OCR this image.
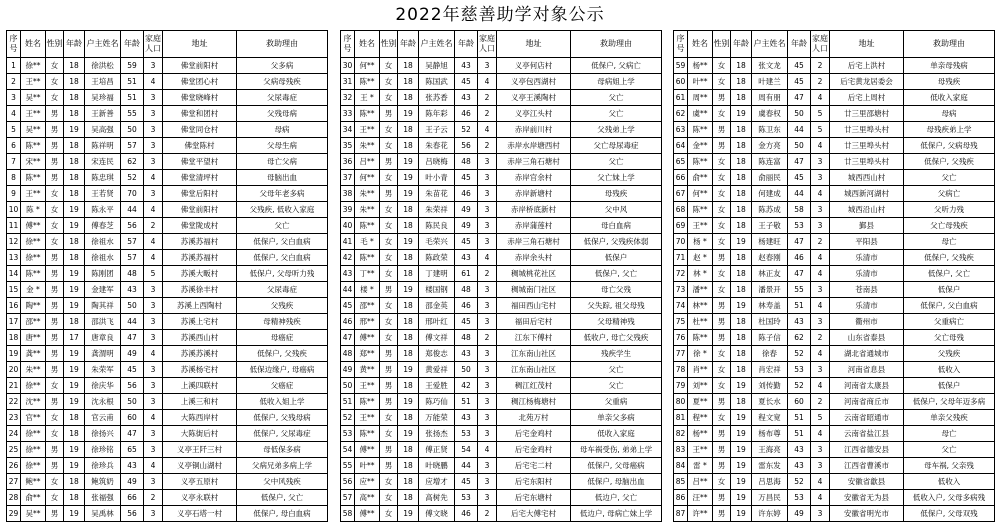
2022年慈善助学对象公示
序号	姓名	性别	年龄	户主姓名	年龄	家庭人口	地址	救助理由
1	徐**	女	18	徐洪松	59	3	佛堂前阳村	父多病
2	王**	女	18	王培昌	51	4	佛堂团心村	父病母残疾
3	吴**	女	18	吴珍福	51	3	佛堂晓峰村	父尿毒症
4	王**	男	18	王新善	55	3	佛堂和团村	父残母病
5	吴**	男	19	吴高强	50	3	佛堂同仓村	母病
6	陈**	男	18	陈祥明	57	3	佛堂陈村	父母生病
7	宋**	男	18	宋连民	62	3	佛堂平望村	母亡父病
8	陈**	男	18	陈忠琪	52	4	佛堂清坪村	母脑出血
9	王**	女	18	王若贤	70	3	佛堂后阳村	父母年老多病
10	陈 *	女	19	陈永平	44	4	佛堂前阳村	父残疾, 低收入家庭
11	傅**	女	19	傅春芝	56	2	佛堂陇成村	父亡
12	徐**	女	18	徐祖水	57	4	苏溪苏福村	低保户, 父白血病
13	徐**	男	18	徐祖水	57	4	苏溪苏福村	低保户, 父白血病
14	陈**	男	19	陈刚团	48	5	苏溪大畈村	低保户, 父母听力残
15	金 *	男	19	金建军	43	3	苏溪徐丰村	父尿毒症
16	陶**	男	19	陶其祥	50	3	苏溪上西陶村	父残疾
17	邵**	男	18	邵洪飞	44	3	苏溪上宅村	母精神残疾
18	唐**	男	17	唐章良	47	3	苏溪西山村	母癌症
19	龚**	男	19	龚渭明	49	4	苏溪苏溪村	低保户, 父残疾
20	朱**	男	19	朱荣军	45	3	苏溪杨宅村	低保边缘户, 母癌病
21	徐**	女	19	徐庆华	56	3	上溪四联村	父癌症
22	沈**	男	19	沈永根	50	3	上溪三和村	低收入姐上学
23	官**	女	18	官云甫	60	4	大陈西岸村	低保户, 父残母病
24	徐**	女	18	徐扬兴	47	3	大陈街后村	低保户, 父尿毒症
25	徐**	男	19	徐珍铭	65	3	义亭王阡三村	母低保多病
26	徐**	男	19	徐珍兵	43	4	义亭铜山湖村	父病兄弟多病上学
27	鲍**	女	18	鲍筑奶	49	3	义亭五原村	父中风残疾
28	俞**	女	18	张福强	66	2	义亭永联村	低保户, 父亡
29	吴**	男	19	吴禹林	56	3	义亭石塔一村	低保户, 母白血病
序号	姓名	性别	年龄	户主姓名	年龄	家庭人口	地址	救助理由
30	何**	女	18	吴静旭	43	3	义亭何店村	低保户, 父病亡
31	陈**	女	18	陈国武	45	4	义亭包西湖村	母病姐上学
32	王 *	女	18	张苏香	43	2	义亭王溪陶村	父亡
33	陈**	男	19	陈年彩	46	2	义亭江头村	父亡
34	王**	女	18	王子云	52	4	赤岸前川村	父残弟上学
35	朱**	女	18	朱春花	56	2	赤岸水岸塘西村	父亡母尿毒症
36	吕**	男	19	吕晓梅	48	3	赤岸三角石塘村	父亡
37	何**	女	19	叶小青	45	3	赤岸官余村	父亡妹上学
38	朱**	男	19	朱苗花	46	3	赤岸新塘村	母残疾
39	朱**	女	18	朱荣祥	49	3	赤岸桥底新村	父中风
40	陈**	女	18	陈民良	49	3	赤岸蒲莲村	母白血病
41	毛 *	女	19	毛荣兴	45	3	赤岸三角石塘村	低保户, 父残疾体弱
42	陈**	女	18	陈政荣	43	4	赤岸余头村	低保户
43	丁**	女	18	丁建明	61	2	稠城桃花社区	低保户, 父亡
44	楼 *	男	19	楼国钢	48	3	稠城南门社区	母亡父残
45	邵**	女	18	邵金英	46	3	福田西山宅村	父失踪, 祖父母残
46	邢**	女	18	邢叶红	45	3	福田后宅村	父母精神残
47	傅**	女	18	傅文祥	48	2	江东下傅村	低收户, 母亡父残疾
48	郑**	男	18	郑俊志	43	3	江东南山社区	残疾学生
49	黄**	男	19	黄爱祥	50	3	江东南山社区	父亡
50	王**	男	18	王爱胜	42	3	稠江红茂村	父亡
51	陈**	男	19	陈巧仙	51	3	稠江杨梅塘村	父重病
52	王**	女	18	万能荣	43	3	北苑万村	单亲父多病
53	陈**	女	19	张扬杰	53	3	后宅金鸡村	低收入家庭
54	傅**	男	18	傅正贤	54	4	后宅金鸡村	母车祸受伤, 弟弟上学
55	叶**	男	18	叶晓鹏	44	3	后宅宅二村	低保户, 父母癌病
56	应**	女	18	应增才	45	3	后宅东阳村	低保户, 母脑出血
57	高**	女	18	高树先	53	3	后宅东塘村	低边户, 父亡
58	傅**	女	19	傅文晓	46	2	后宅大傅宅村	低边户, 母病亡妹上学
序号	姓名	性别	年龄	户主姓名	年龄	家庭人口	地址	救助理由
59	杨**	女	18	张文龙	45	2	后宅上洪村	单亲母残病
60	叶**	女	18	叶建兰	45	2	后宅黄龙居委会	母残疾
61	周**	男	18	周有朋	47	4	后宅上周村	低收入家庭
62	虞**	女	19	虞春权	50	5	廿三里邵塘村	母病
63	陈**	男	18	陈卫东	44	5	廿三里埠头村	母残疾弟上学
64	金**	男	18	金方亮	50	4	廿三里埠头村	低保户, 父病母残
65	陈**	女	18	陈连富	47	3	廿三里埠头村	低保户, 父残疾
66	俞**	女	18	俞丽民	45	3	城西西山村	父亡
67	何**	女	18	何建成	44	4	城西新河湖村	父病亡
68	陈**	女	18	陈苏成	58	3	城西沿山村	父听力残
69	王**	女	18	王子敬	53	3	鄞县	父亡母残疾
70	杨 *	女	19	杨建旺	47	2	平阳县	母亡
71	赵 *	男	18	赵春刚	46	4	乐清市	低保户, 父残疾
72	林 *	女	18	林正友	47	4	乐清市	低保户, 父亡
73	潘**	女	18	潘景开	55	3	苍南县	低保户
74	林**	男	19	林寿盖	51	4	乐清市	低保户, 父白血病
75	杜**	男	18	杜国玲	43	3	衢州市	父重病亡
76	陈**	男	18	陈子信	62	2	山东省泰县	父亡母残
77	徐 *	女	18	徐春	52	4	湖北省通城市	父残疾
78	肖**	女	18	肖宏祥	53	3	河南省息县	低收入
79	刘**	女	19	刘传勤	52	4	河南省太康县	低保户
80	夏**	男	18	夏长水	60	2	河南省商丘市	低保户, 父母年迈多病
81	程**	女	19	程文宽	51	5	云南省昭通市	单亲父残疾
82	杨**	男	19	杨布尊	51	4	云南省盐江县	母亡
83	王**	男	19	王海亮	43	3	江西省德安县	父亡
84	雷 *	男	19	雷东发	43	3	江西省曹溪市	母车祸, 父亲残
85	吕**	女	19	吕思海	52	4	安徽省歙县	低收入
86	汪**	男	19	万昌民	53	4	安徽省无为县	低收入户, 父母多病残
87	许**	男	19	许东婷	49	3	安徽省明光市	低保户, 父母双残
